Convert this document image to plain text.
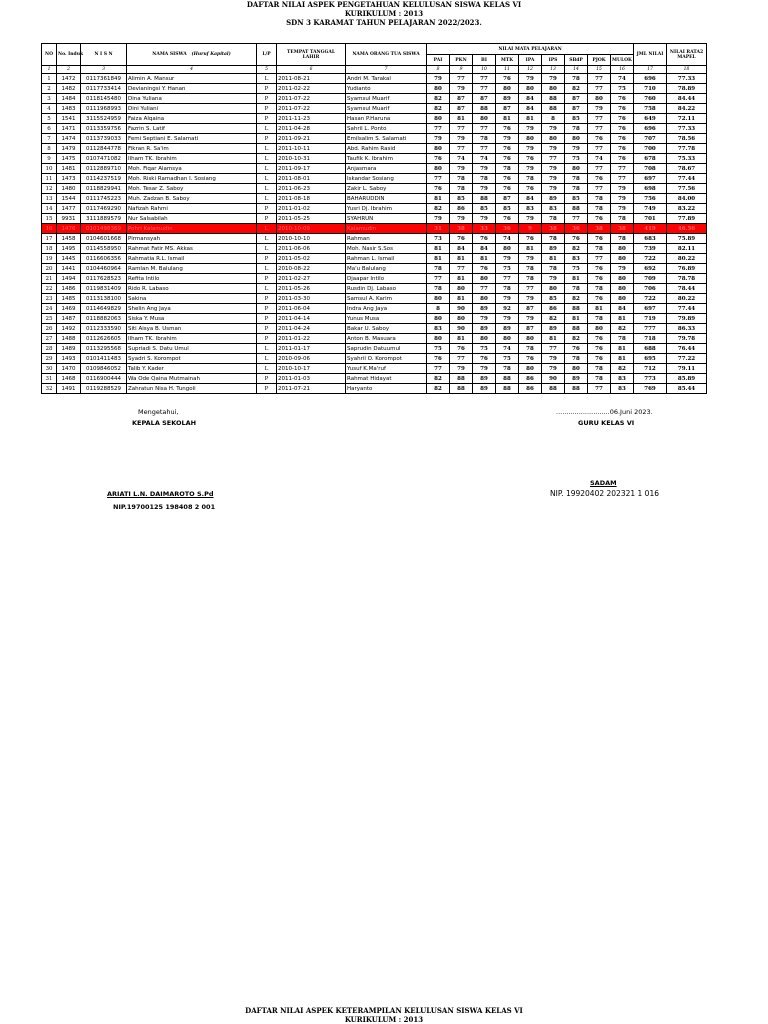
DAFTAR NILAI ASPEK PENGETAHUAN KELULUSAN SISWA KELAS VI
KURIKULUM : 2013
SDN 3 KARAMAT TAHUN PELAJARAN 2022/2023.
NO	No. Induk	N I S N	NAMA SISWA (Huruf Kapital)	L/P	TEMPAT TANGGAL LAHIR	NAMA ORANG TUA SISWA	NILAI MATA PELAJARAN									JML NILAI	NILAI RATA2 MAPEL
							PAI	PKN	BI	MTK	IPA	IPS	SBdP	PJOK	MULOK		
1	2	3	4	5	6	7	8	9	10	11	12	13	14	15	16	17	18
1	1472	0117361849	Alimin A. Mansur	L	2011-08-21	Andri M. Tarakal	79	77	77	76	79	79	78	77	74	696	77.33
2	1482	0117733414	Devianingsi Y. Hanan	P	2011-02-22	Yudianto	80	79	77	80	80	80	82	77	75	710	78.89
3	1484	0118145480	Dina Yuliana	P	2011-07-22	Syamsul Muarif	82	87	87	89	84	88	87	80	76	760	84.44
4	1483	0111968993	Dini Yuliani	P	2011-07-22	Syamsul Muarif	82	87	88	87	84	88	87	79	76	758	84.22
5	1541	3115524959	Faiza Alqaina	P	2011-11-23	Hasan P.Haruna	80	81	80	81	81	8	85	77	76	649	72.11
6	1471	0113359756	Fazrin S. Latif	L	2011-04-28	Sahril L. Ponto	77	77	77	76	79	79	78	77	76	696	77.33
7	1474	0113739033	Femi Septiani E. Salamati	P	2011-09-21	Emilsalim S. Salamati	79	79	78	79	80	80	80	76	76	707	78.56
8	1479	0112844778	Fikran R. Sa'im	L	2011-10-11	Abd. Rahim Rasid	80	77	77	76	79	79	79	77	76	700	77.78
9	1475	0107471082	Ilham TK. Ibrahim	L	2010-10-31	Taufik K. Ibrahim	76	74	74	76	76	77	75	74	76	678	75.33
10	1481	0112889710	Moh. Fiqar Alamsya	L	2011-09-17	Anjasmara	80	79	79	78	79	79	80	77	77	708	78.67
11	1473	0114237519	Moh. Riski Ramadhan I. Sosiang	L	2011-08-01	Iskandar Sosiang	77	78	78	76	78	79	78	76	77	697	77.44
12	1480	0118829941	Moh. Tesar Z. Saboy	L	2011-06-23	Zakir L. Saboy	76	78	79	76	76	79	78	77	79	698	77.56
13	1544	0111745223	Muh. Zadzan B. Saboy	L	2011-08-18	BAHARUDDIN	81	85	88	87	84	89	85	78	79	756	84.00
14	1477	0117469290	Nafizah Rahmi	P	2011-01-02	Yusri Dj. Ibrahim	82	86	85	85	83	83	88	78	79	749	83.22
15	9931	3111889579	Nur Salsabilah	P	2011-05-25	SYAHRUN	79	79	79	76	79	78	77	76	78	701	77.89
16	1476	0101498369	Pohri Kalamudin	L	2010-10-09	Kalamudin	31	38	33	36	9	38	36	38	38	419	46.56
17	1458	0104601668	Pirmansyah	L	2010-10-10	Rahman	73	76	76	74	76	78	76	76	78	683	75.89
18	1495	0114558950	Rahmat Fatir MS. Akkas	L	2011-06-06	Moh. Nasir S.Sos	81	84	84	80	81	89	82	78	80	739	82.11
19	1445	0116606356	Rahmatia R.L. Ismail	P	2011-05-02	Rahman L. Ismail	81	81	81	79	79	81	83	77	80	722	80.22
20	1441	0104460964	Ramlan M. Balulang	L	2010-08-22	Ma'u Balulang	78	77	76	75	78	78	75	76	79	692	76.89
21	1494	0117628523	Refita Intilo	P	2011-02-27	Djaapar Intilo	77	81	80	77	78	79	81	76	80	709	78.78
22	1486	0119831409	Rido R. Labaso	L	2011-05-26	Rusdin Dj. Labaso	78	80	77	78	77	80	78	78	80	706	78.44
23	1485	0113138100	Sakina	P	2011-03-30	Samsul A. Karim	80	81	80	79	79	85	82	76	80	722	80.22
24	1469	0114649829	Shelin Ang Jaya	P	2011-06-04	Indra Ang Jaya	8	90	89	92	87	86	88	81	84	697	77.44
25	1487	0118882063	Siska Y. Musa	P	2011-04-14	Yunus Musa	80	80	79	79	79	82	81	78	81	719	79.89
26	1492	0112333590	Siti Aisya B. Usman	P	2011-04-24	Bakar U. Saboy	83	90	89	89	87	89	88	80	82	777	86.33
27	1488	0112626605	Ilham TK. Ibrahim	P	2011-01-22	Anton B. Masuara	80	81	80	80	80	81	82	76	78	718	79.78
28	1489	0113295568	Supriadi S. Datu Umul	L	2011-01-17	Saprudin Datuumul	75	76	75	74	78	77	76	76	81	688	76.44
29	1493	0101411483	Syadri S. Korompot	L	2010-09-06	Syahril O. Korompot	76	77	76	75	76	79	78	76	81	695	77.22
30	1470	0109846052	Talib Y. Kader	L	2010-10-17	Yusuf K.Ma'ruf	77	79	79	78	80	79	80	78	82	712	79.11
31	1468	0116900444	Wa Ode Qaina Mutmainah	P	2011-01-03	Rahmat Hidayat	82	88	89	88	86	90	89	78	83	773	85.89
32	1491	0119288529	Zahratun Nisa H. Tungoli	P	2011-07-21	Haryanto	82	88	89	88	86	88	88	77	83	769	85.44
Mengetahui,
KEPALA SEKOLAH
ARIATI L.N. DAIMAROTO S.Pd
NIP.19700125 198408 2 001
..........................06.Juni 2023.
GURU KELAS VI
SADAM
NIP. 19920402 202321 1 016
DAFTAR NILAI ASPEK KETERAMPILAN KELULUSAN SISWA KELAS VI
KURIKULUM : 2013
